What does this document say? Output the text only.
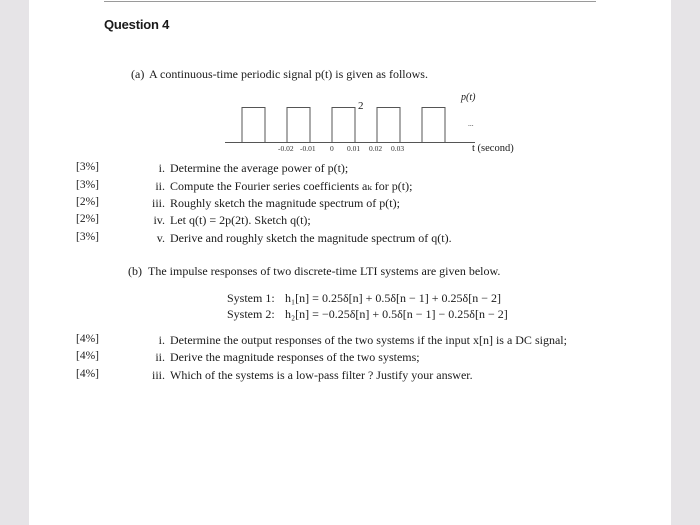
Question 4
(a) A continuous-time periodic signal p(t) is given as follows.
2
p(t)
...
t (second)
-0.02 -0.01 0 0.01 0.02 0.03
[3%]	i. Determine the average power of p(t);
[3%]	ii. Compute the Fourier series coefficients aₖ for p(t);
[2%]	iii. Roughly sketch the magnitude spectrum of p(t);
[2%]	iv. Let q(t) = 2p(2t). Sketch q(t);
[3%]	v. Derive and roughly sketch the magnitude spectrum of q(t).
(b) The impulse responses of two discrete-time LTI systems are given below.
System 1: h₁[n] = 0.25δ[n] + 0.5δ[n − 1] + 0.25δ[n − 2]
System 2: h₂[n] = −0.25δ[n] + 0.5δ[n − 1] − 0.25δ[n − 2]
[4%]	i. Determine the output responses of the two systems if the input x[n] is a DC signal;
[4%]	ii. Derive the magnitude responses of the two systems;
[4%]	iii. Which of the systems is a low-pass filter ? Justify your answer.
